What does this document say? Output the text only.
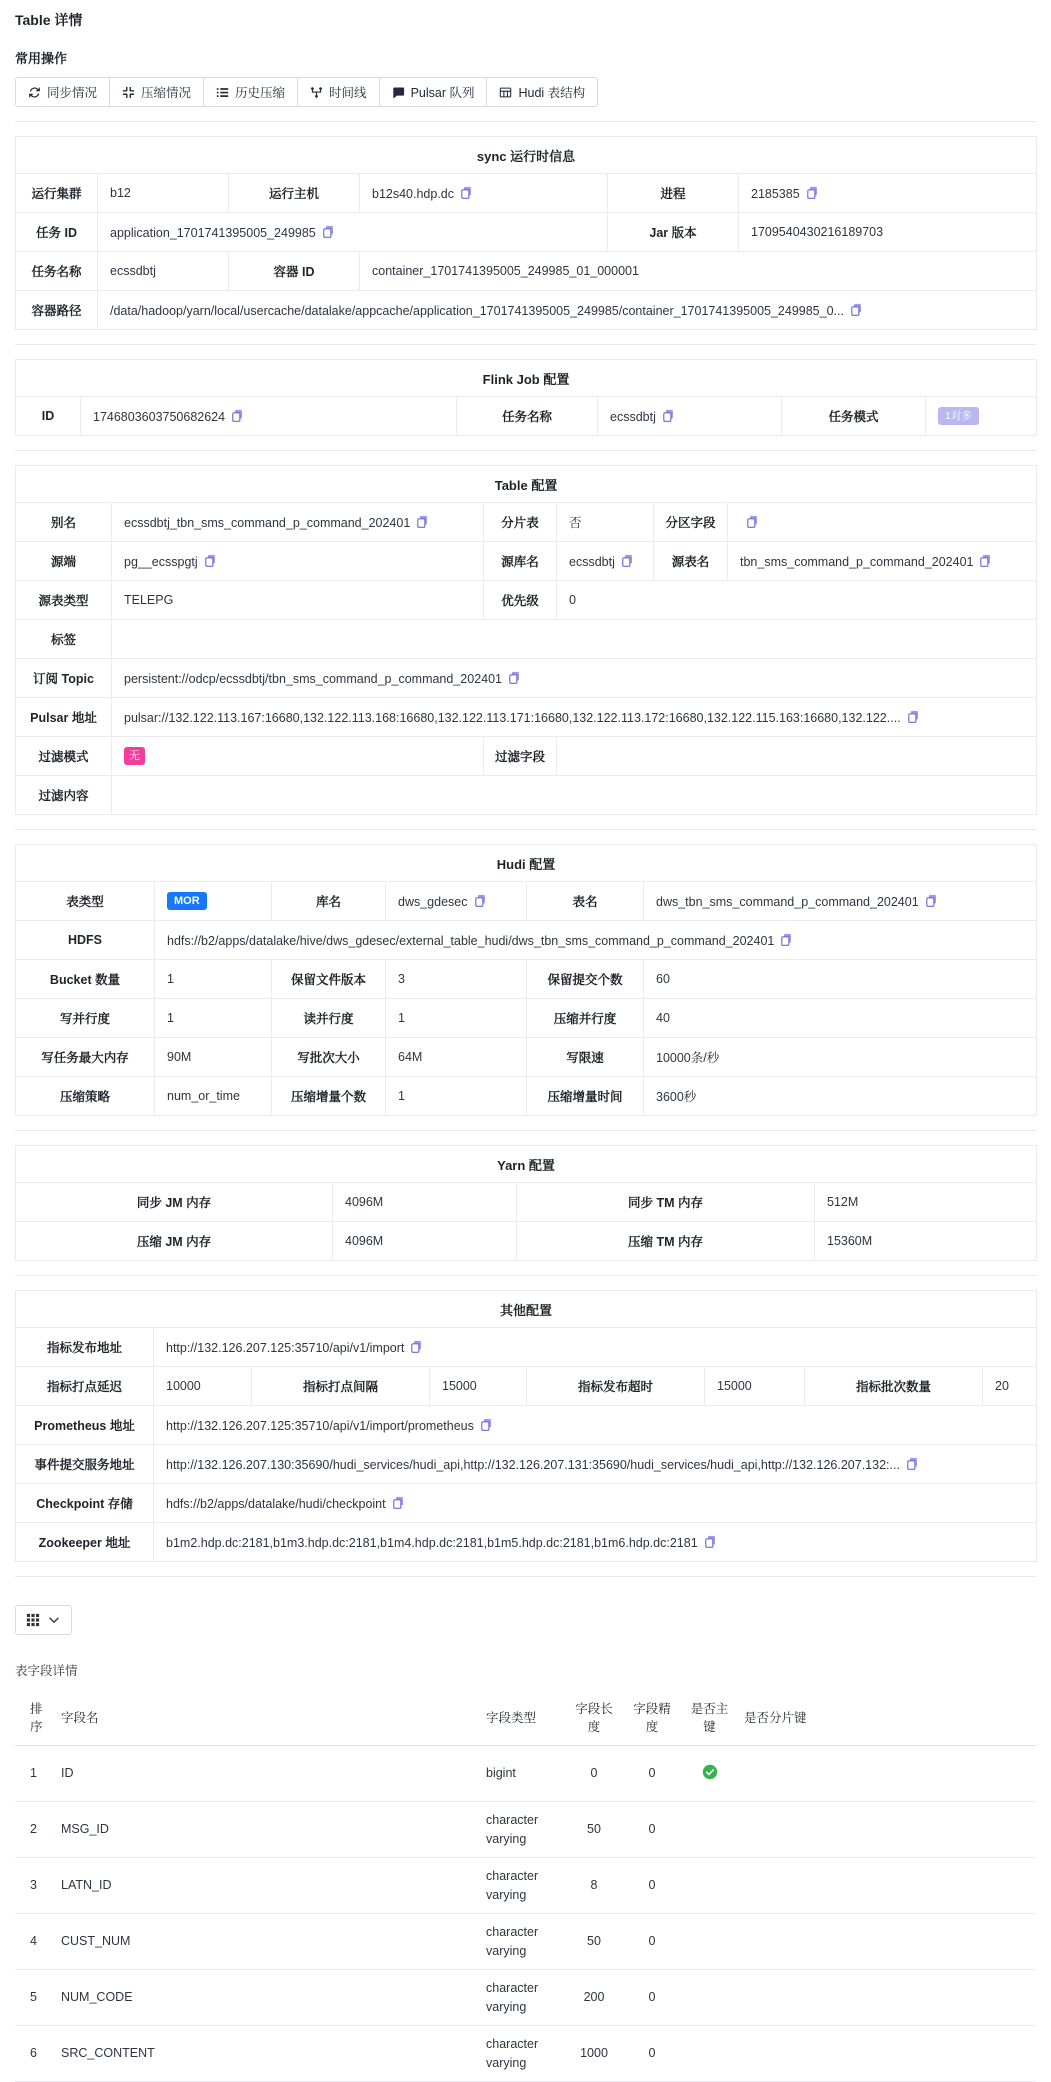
Table 详情
常用操作
同步情况	压缩情况	历史压缩	时间线	Pulsar 队列	Hudi 表结构
sync 运行时信息					
运行集群	b12	运行主机	b12s40.hdp.dc	进程	2185385

任务 ID	application_1701741395005_249985			Jar 版本	1709540430216189703
任务名称	ecssdbtj	容器 ID	container_1701741395005_249985_01_000001		
容器路径	/data/hadoop/yarn/local/usercache/datalake/appcache/application_1701741395005_249985/container_1701741395005_249985_0...				
Flink Job 配置
ID	1746803603750682624	任务名称	ecssdbtj	任务模式	1对多
Table 配置					
别名	ecssdbtj_tbn_sms_command_p_command_202401	分片表	否	分区字段	

源端	pg__ecsspgtj	源库名	ecssdbtj	源表名	tbn_sms_command_p_command_202401

源表类型	TELEPG	优先级	0		
标签					
订阅 Topic	persistent://odcp/ecssdbtj/tbn_sms_command_p_command_202401				

Pulsar 地址	pulsar://132.122.113.167:16680,132.122.113.168:16680,132.122.113.171:16680,132.122.113.172:16680,132.122.115.163:16680,132.122....				

过滤模式	无	过滤字段			
过滤内容					
Hudi 配置					
表类型	MOR	库名	dws_gdesec	表名	dws_tbn_sms_command_p_command_202401

HDFS	hdfs://b2/apps/datalake/hive/dws_gdesec/external_table_hudi/dws_tbn_sms_command_p_command_202401				

Bucket 数量	1	保留文件版本	3	保留提交个数	60
写并行度	1	读并行度	1	压缩并行度	40
写任务最大内存	90M	写批次大小	64M	写限速	10000条/秒
压缩策略	num_or_time	压缩增量个数	1	压缩增量时间	3600秒
Yarn 配置			
同步 JM 内存	4096M	同步 TM 内存	512M
压缩 JM 内存	4096M	压缩 TM 内存	15360M
其他配置							
指标发布地址	http://132.126.207.125:35710/api/v1/import						

指标打点延迟	10000	指标打点间隔	15000	指标发布超时	15000	指标批次数量	20
Prometheus 地址	http://132.126.207.125:35710/api/v1/import/prometheus						

事件提交服务地址	http://132.126.207.130:35690/hudi_services/hudi_api,http://132.126.207.131:35690/hudi_services/hudi_api,http://132.126.207.132:...						

Checkpoint 存储	hdfs://b2/apps/datalake/hudi/checkpoint						

Zookeeper 地址	b1m2.hdp.dc:2181,b1m3.hdp.dc:2181,b1m4.hdp.dc:2181,b1m5.hdp.dc:2181,b1m6.hdp.dc:2181						
表字段详情
排序	字段名	字段类型	字段长度	字段精度	是否主键	是否分片键
1	ID	bigint	0	0	

2	MSG_ID	character varying	50	0		
3	LATN_ID	character varying	8	0		
4	CUST_NUM	character varying	50	0		
5	NUM_CODE	character varying	200	0		
6	SRC_CONTENT	character varying	1000	0		
